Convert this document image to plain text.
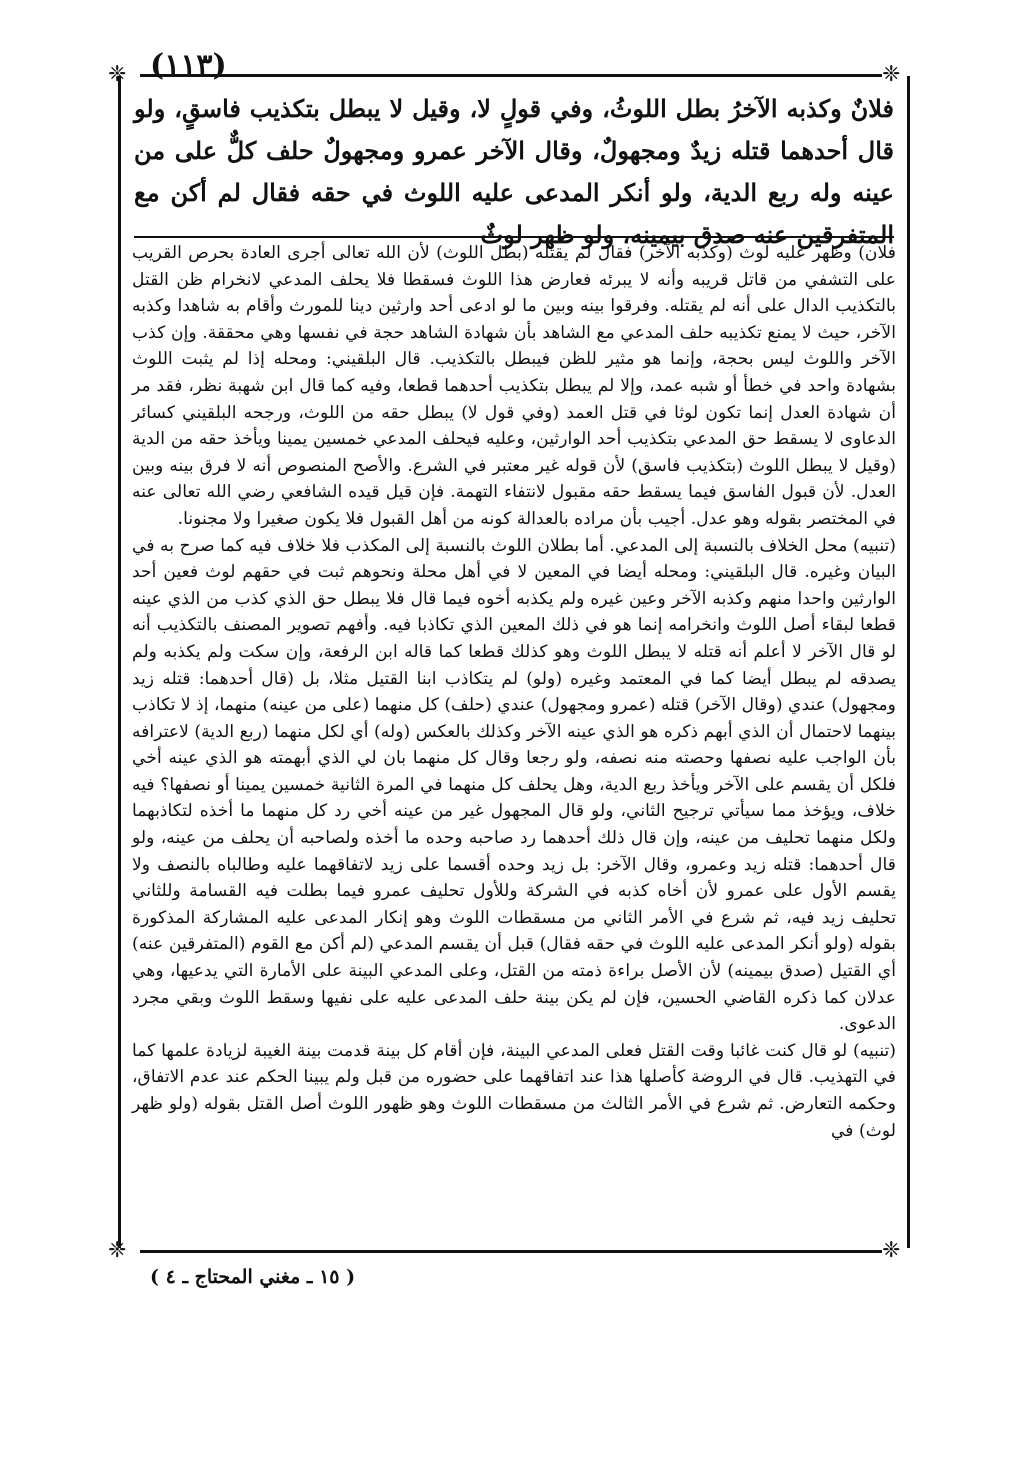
(١١٣)
❈	❈
❈	❈
فلانٌ وكذبه الآخرُ بطل اللوثُ، وفي قولٍ لا، وقيل لا يبطل بتكذيب فاسقٍ، ولو قال أحدهما قتله زيدٌ ومجهولٌ، وقال الآخر عمرو ومجهولٌ حلف كلٌّ على من عينه وله ربع الدية، ولو أنكر المدعى عليه اللوث في حقه فقال لم أكن مع المتفرقين عنه صدق بيمينه، ولو ظهر لوثٌ

فلان) وظهر عليه لوث (وكذبه الآخر) فقال لم يقتله (بطل اللوث) لأن الله تعالى أجرى العادة بحرص القريب على التشفي من قاتل قريبه وأنه لا يبرئه فعارض هذا اللوث فسقطا فلا يحلف المدعي لانخرام ظن القتل بالتكذيب الدال على أنه لم يقتله. وفرقوا بينه وبين ما لو ادعى أحد وارثين دينا للمورث وأقام به شاهدا وكذبه الآخر، حيث لا يمنع تكذيبه حلف المدعي مع الشاهد بأن شهادة الشاهد حجة في نفسها وهي محققة. وإن كذب الآخر واللوث ليس بحجة، وإنما هو مثير للظن فيبطل بالتكذيب. قال البلقيني: ومحله إذا لم يثبت اللوث بشهادة واحد في خطأ أو شبه عمد، وإلا لم يبطل بتكذيب أحدهما قطعا، وفيه كما قال ابن شهبة نظر، فقد مر أن شهادة العدل إنما تكون لوثا في قتل العمد (وفي قول لا) يبطل حقه من اللوث، ورجحه البلقيني كسائر الدعاوى لا يسقط حق المدعي بتكذيب أحد الوارثين، وعليه فيحلف المدعي خمسين يمينا ويأخذ حقه من الدية (وقيل لا يبطل اللوث (بتكذيب فاسق) لأن قوله غير معتبر في الشرع. والأصح المنصوص أنه لا فرق بينه وبين العدل. لأن قبول الفاسق فيما يسقط حقه مقبول لانتفاء التهمة. فإن قيل قيده الشافعي رضي الله تعالى عنه في المختصر بقوله وهو عدل. أجيب بأن مراده بالعدالة كونه من أهل القبول فلا يكون صغيرا ولا مجنونا.

(تنبيه) محل الخلاف بالنسبة إلى المدعي. أما بطلان اللوث بالنسبة إلى المكذب فلا خلاف فيه كما صرح به في البيان وغيره. قال البلقيني: ومحله أيضا في المعين لا في أهل محلة ونحوهم ثبت في حقهم لوث فعين أحد الوارثين واحدا منهم وكذبه الآخر وعين غيره ولم يكذبه أخوه فيما قال فلا يبطل حق الذي كذب من الذي عينه قطعا لبقاء أصل اللوث وانخرامه إنما هو في ذلك المعين الذي تكاذبا فيه. وأفهم تصوير المصنف بالتكذيب أنه لو قال الآخر لا أعلم أنه قتله لا يبطل اللوث وهو كذلك قطعا كما قاله ابن الرفعة، وإن سكت ولم يكذبه ولم يصدقه لم يبطل أيضا كما في المعتمد وغيره (ولو) لم يتكاذب ابنا القتيل مثلا، بل (قال أحدهما: قتله زيد ومجهول) عندي (وقال الآخر) قتله (عمرو ومجهول) عندي (حلف) كل منهما (على من عينه) منهما، إذ لا تكاذب بينهما لاحتمال أن الذي أبهم ذكره هو الذي عينه الآخر وكذلك بالعكس (وله) أي لكل منهما (ربع الدية) لاعترافه بأن الواجب عليه نصفها وحصته منه نصفه، ولو رجعا وقال كل منهما بان لي الذي أبهمته هو الذي عينه أخي فلكل أن يقسم على الآخر ويأخذ ربع الدية، وهل يحلف كل منهما في المرة الثانية خمسين يمينا أو نصفها؟ فيه خلاف، ويؤخذ مما سيأتي ترجيح الثاني، ولو قال المجهول غير من عينه أخي رد كل منهما ما أخذه لتكاذبهما ولكل منهما تحليف من عينه، وإن قال ذلك أحدهما رد صاحبه وحده ما أخذه ولصاحبه أن يحلف من عينه، ولو قال أحدهما: قتله زيد وعمرو، وقال الآخر: بل زيد وحده أقسما على زيد لاتفاقهما عليه وطالباه بالنصف ولا يقسم الأول على عمرو لأن أخاه كذبه في الشركة وللأول تحليف عمرو فيما بطلت فيه القسامة وللثاني تحليف زيد فيه، ثم شرع في الأمر الثاني من مسقطات اللوث وهو إنكار المدعى عليه المشاركة المذكورة بقوله (ولو أنكر المدعى عليه اللوث في حقه فقال) قبل أن يقسم المدعي (لم أكن مع القوم (المتفرقين عنه) أي القتيل (صدق بيمينه) لأن الأصل براءة ذمته من القتل، وعلى المدعي البينة على الأمارة التي يدعيها، وهي عدلان كما ذكره القاضي الحسين، فإن لم يكن بينة حلف المدعى عليه على نفيها وسقط اللوث وبقي مجرد الدعوى.

(تنبيه) لو قال كنت غائبا وقت القتل فعلى المدعي البينة، فإن أقام كل بينة قدمت بينة الغيبة لزيادة علمها كما في التهذيب. قال في الروضة كأصلها هذا عند اتفاقهما على حضوره من قبل ولم يبينا الحكم عند عدم الاتفاق، وحكمه التعارض. ثم شرع في الأمر الثالث من مسقطات اللوث وهو ظهور اللوث أصل القتل بقوله (ولو ظهر لوث) في

( ١٥ ـ مغني المحتاج ـ ٤ )
